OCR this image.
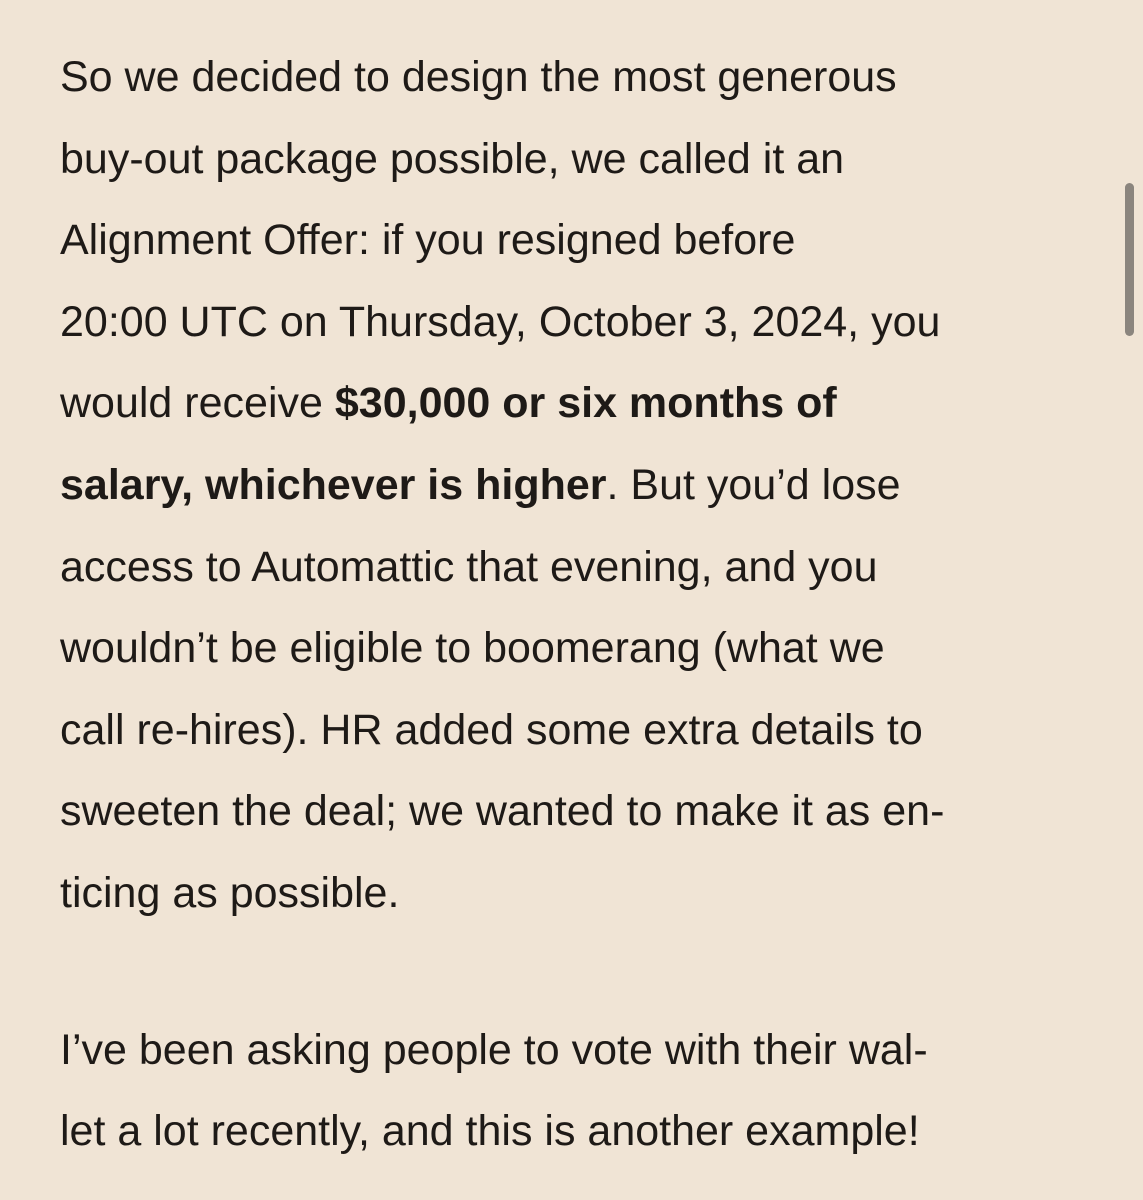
So we decided to design the most generous
buy-out package possible, we called it an
Alignment Offer: if you resigned before
20:00 UTC on Thursday, October 3, 2024, you
would receive $30,000 or six months of
salary, whichever is higher. But you’d lose
access to Automattic that evening, and you
wouldn’t be eligible to boomerang (what we
call re-hires). HR added some extra details to
sweeten the deal; we wanted to make it as en-
ticing as possible.

I’ve been asking people to vote with their wal-
let a lot recently, and this is another example!
